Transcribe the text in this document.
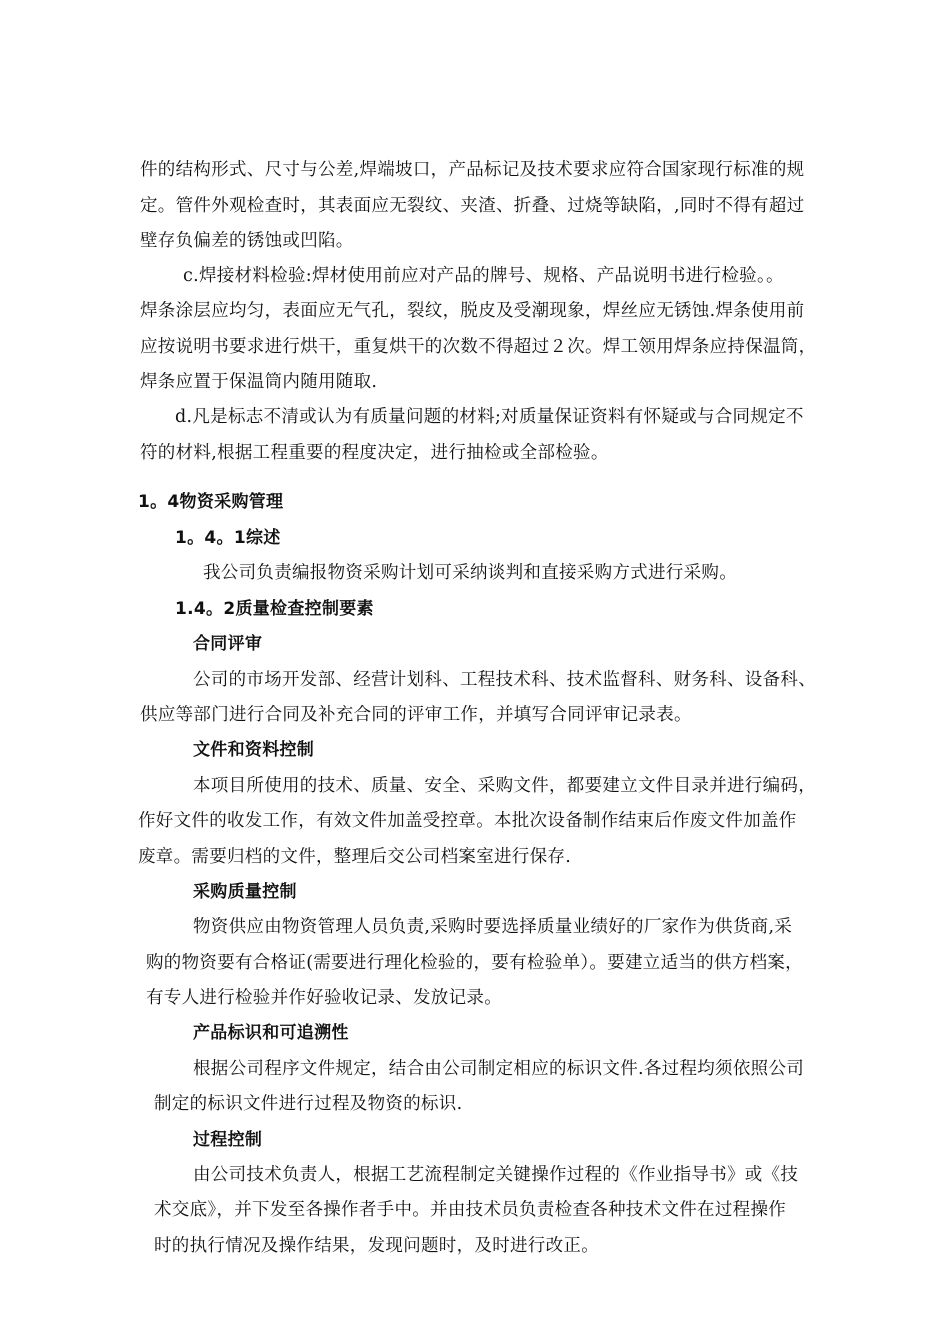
件的结构形式、尺寸与公差,焊端坡口，产品标记及技术要求应符合国家现行标准的规
定。管件外观检查时，其表面应无裂纹、夹渣、折叠、过烧等缺陷，,同时不得有超过
壁存负偏差的锈蚀或凹陷。
c.焊接材料检验:焊材使用前应对产品的牌号、规格、产品说明书进行检验。。
焊条涂层应均匀，表面应无气孔，裂纹，脱皮及受潮现象，焊丝应无锈蚀.焊条使用前
应按说明书要求进行烘干，重复烘干的次数不得超过２次。焊工领用焊条应持保温筒，
焊条应置于保温筒内随用随取.
d.凡是标志不清或认为有质量问题的材料;对质量保证资料有怀疑或与合同规定不
符的材料,根据工程重要的程度决定，进行抽检或全部检验。
1。4物资采购管理
1。4。1综述
我公司负责编报物资采购计划可采纳谈判和直接采购方式进行采购。
1.4。2质量检查控制要素
合同评审
公司的市场开发部、经营计划科、工程技术科、技术监督科、财务科、设备科、
供应等部门进行合同及补充合同的评审工作，并填写合同评审记录表。
文件和资料控制
本项目所使用的技术、质量、安全、采购文件，都要建立文件目录并进行编码，
作好文件的收发工作，有效文件加盖受控章。本批次设备制作结束后作废文件加盖作
废章。需要归档的文件，整理后交公司档案室进行保存.
采购质量控制
物资供应由物资管理人员负责,采购时要选择质量业绩好的厂家作为供货商,采
购的物资要有合格证(需要进行理化检验的，要有检验单）。要建立适当的供方档案，
有专人进行检验并作好验收记录、发放记录。
产品标识和可追溯性
根据公司程序文件规定，结合由公司制定相应的标识文件.各过程均须依照公司
制定的标识文件进行过程及物资的标识.
过程控制
由公司技术负责人，根据工艺流程制定关键操作过程的《作业指导书》或《技
术交底》，并下发至各操作者手中。并由技术员负责检查各种技术文件在过程操作
时的执行情况及操作结果，发现问题时，及时进行改正。
